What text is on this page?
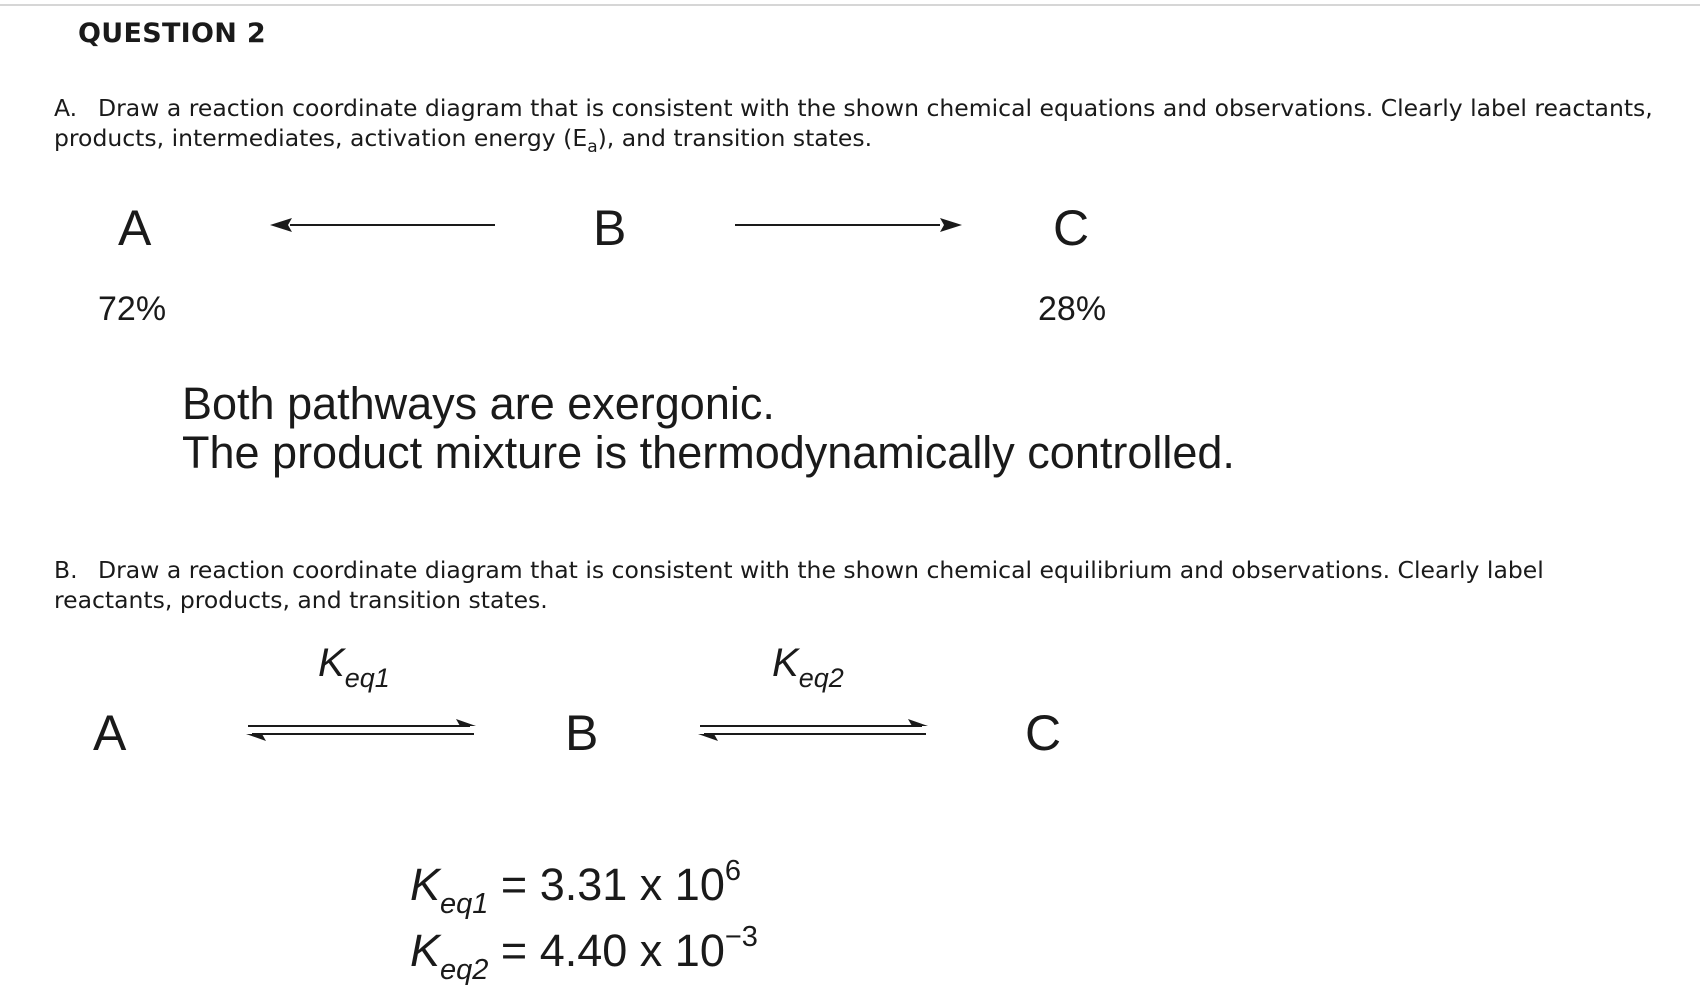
QUESTION 2
A. Draw a reaction coordinate diagram that is consistent with the shown chemical equations and observations. Clearly label reactants, products, intermediates, activation energy $(E_a)$, and transition states.
A	B	C
72%	28%
Both pathways are exergonic.
The product mixture is thermodynamically controlled.
B. Draw a reaction coordinate diagram that is consistent with the shown chemical equilibrium and observations. Clearly label reactants, products, and transition states.
$K_{eq1}$	$K_{eq2}$
A	B	C
$K_{eq1} = 3.31$ x $10^6$
$K_{eq2} = 4.40$ x $10^{-3}$
